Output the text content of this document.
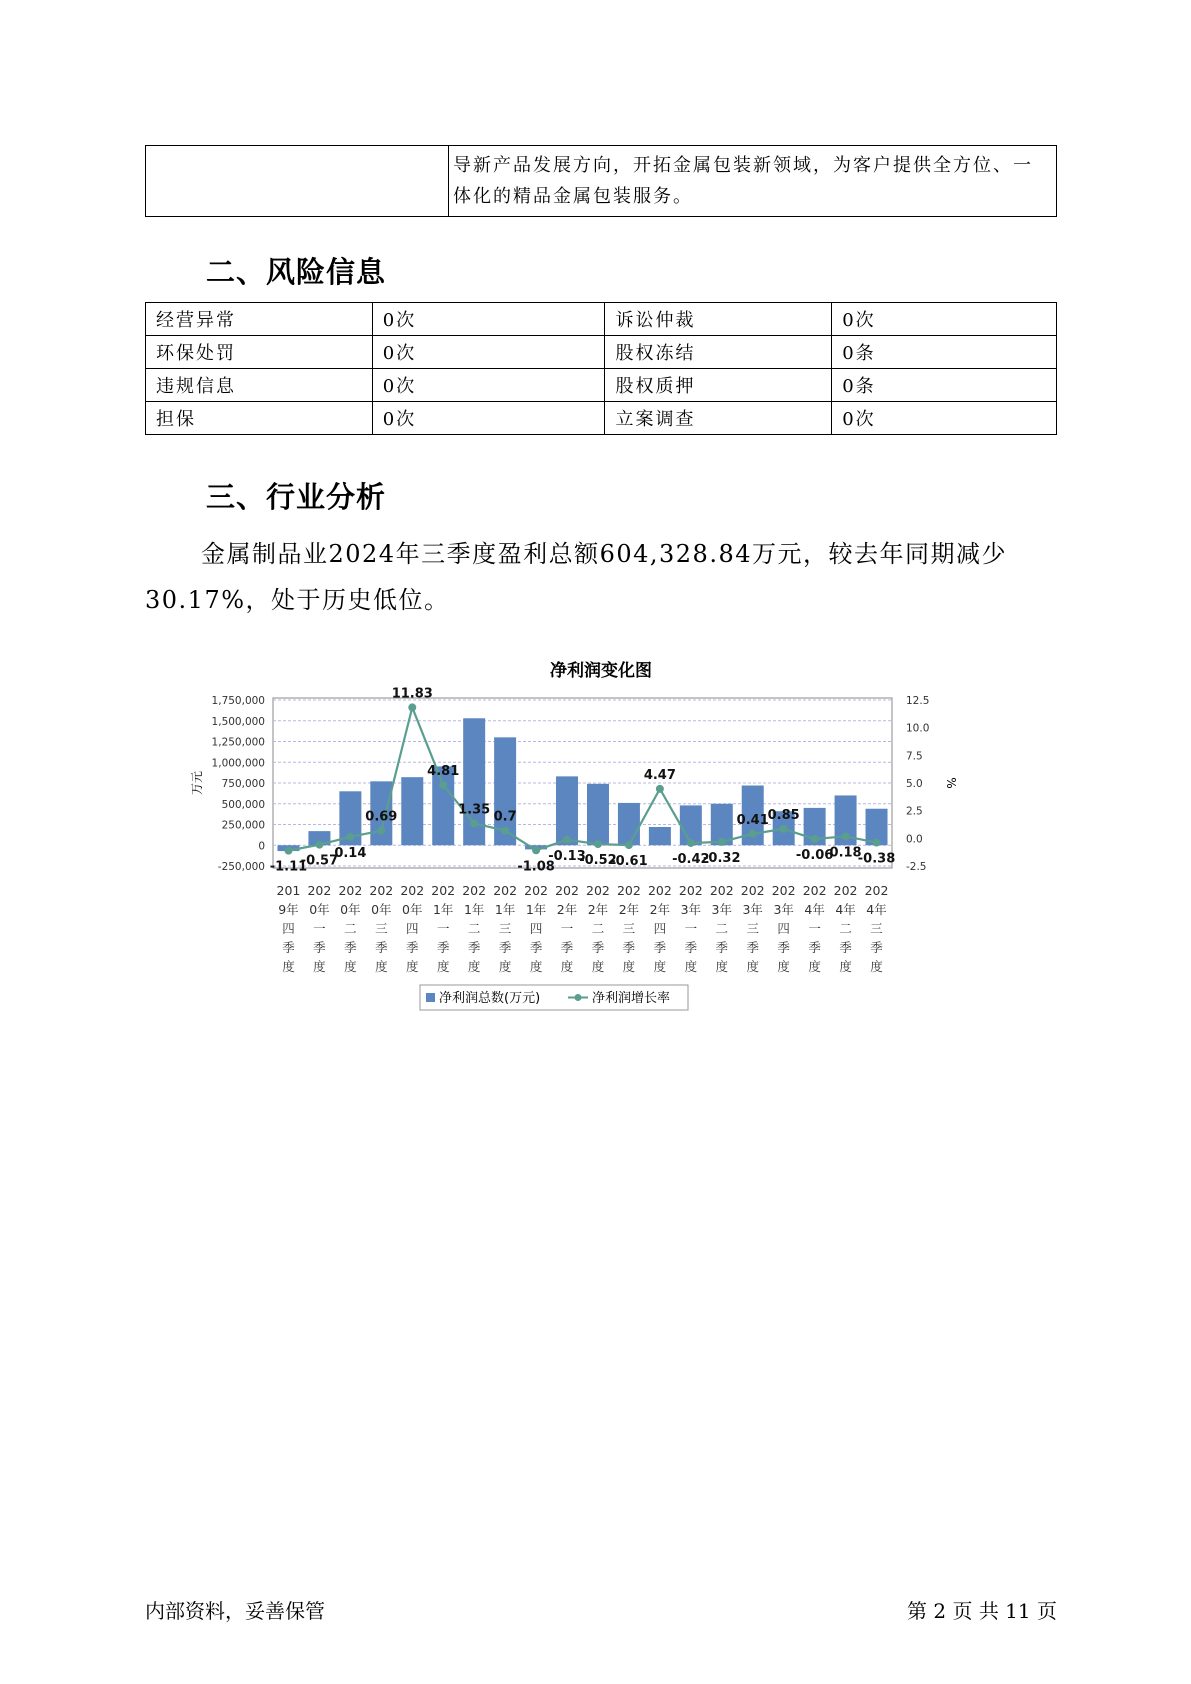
	导新产品发展方向，开拓金属包装新领域，为客户提供全方位、一体化的精品金属包装服务。
二、风险信息
经营异常	0次	诉讼仲裁	0次
环保处罚	0次	股权冻结	0条
违规信息	0次	股权质押	0条
担保	0次	立案调查	0次
三、行业分析
金属制品业2024年三季度盈利总额604,328.84万元，较去年同期减少30.17%，处于历史低位。
净利润变化图
-1.11
-0.57
0.14
0.69
11.83
4.81
1.35 0.7
-1.08
-0.13
-0.52
-0.61
4.47
-0.42
-0.32
0.41
0.85
-0.06
0.18
-0.38
1,750,000
1,500,000
1,250,000
1,000,000
750,000
500,000
250,000
0
-250,000
12.5
10.0
7.5
5.0
2.5
0.0
-2.5
万元	%
201 9年四季度
202 0年一季度
202 0年二季度
202 0年三季度
202 0年四季度
202 1年一季度
202 1年二季度
202 1年三季度
202 1年四季度
202 2年一季度
202 2年二季度
202 2年三季度
202 2年四季度
202 3年一季度
202 3年二季度
202 3年三季度
202 3年四季度
202 4年一季度
202 4年二季度
202 4年三季度
净利润总数(万元)	净利润增长率
内部资料，妥善保管	第 2 页 共 11 页
